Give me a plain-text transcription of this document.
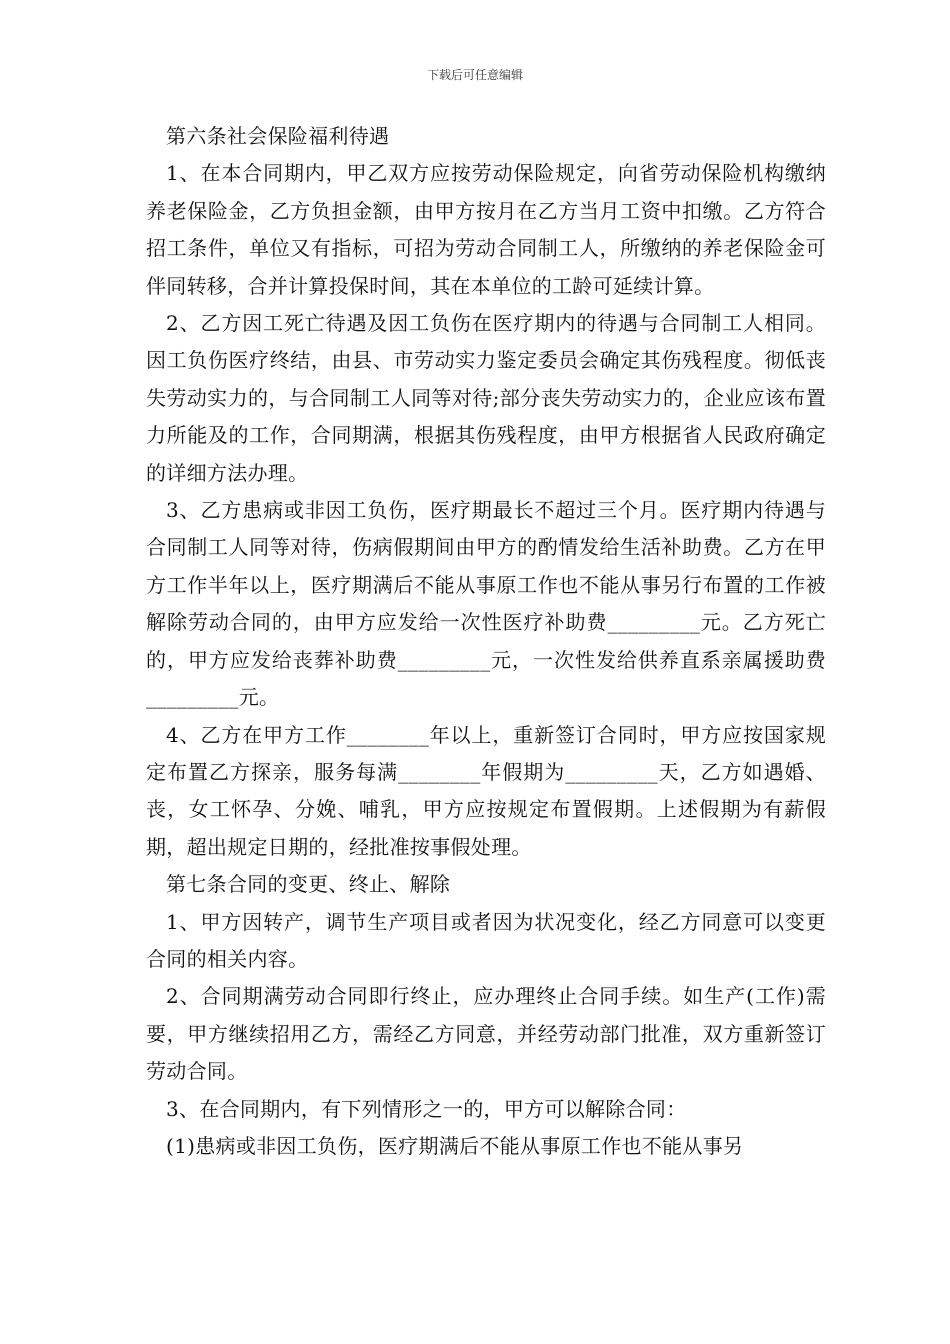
下载后可任意编辑

第六条社会保险福利待遇

1、在本合同期内，甲乙双方应按劳动保险规定，向省劳动保险机构缴纳养老保险金，乙方负担金额，由甲方按月在乙方当月工资中扣缴。乙方符合招工条件，单位又有指标，可招为劳动合同制工人，所缴纳的养老保险金可伴同转移，合并计算投保时间，其在本单位的工龄可延续计算。

2、乙方因工死亡待遇及因工负伤在医疗期内的待遇与合同制工人相同。因工负伤医疗终结，由县、市劳动实力鉴定委员会确定其伤残程度。彻低丧失劳动实力的，与合同制工人同等对待;部分丧失劳动实力的，企业应该布置力所能及的工作，合同期满，根据其伤残程度，由甲方根据省人民政府确定的详细方法办理。

3、乙方患病或非因工负伤，医疗期最长不超过三个月。医疗期内待遇与合同制工人同等对待，伤病假期间由甲方的酌情发给生活补助费。乙方在甲方工作半年以上，医疗期满后不能从事原工作也不能从事另行布置的工作被解除劳动合同的，由甲方应发给一次性医疗补助费_________元。乙方死亡的，甲方应发给丧葬补助费_________元，一次性发给供养直系亲属援助费_________元。

4、乙方在甲方工作________年以上，重新签订合同时，甲方应按国家规定布置乙方探亲，服务每满________年假期为_________天，乙方如遇婚、丧，女工怀孕、分娩、哺乳，甲方应按规定布置假期。上述假期为有薪假期，超出规定日期的，经批准按事假处理。

第七条合同的变更、终止、解除

1、甲方因转产，调节生产项目或者因为状况变化，经乙方同意可以变更合同的相关内容。

2、合同期满劳动合同即行终止，应办理终止合同手续。如生产(工作)需要，甲方继续招用乙方，需经乙方同意，并经劳动部门批准，双方重新签订劳动合同。

3、在合同期内，有下列情形之一的，甲方可以解除合同：

(1)患病或非因工负伤，医疗期满后不能从事原工作也不能从事另
